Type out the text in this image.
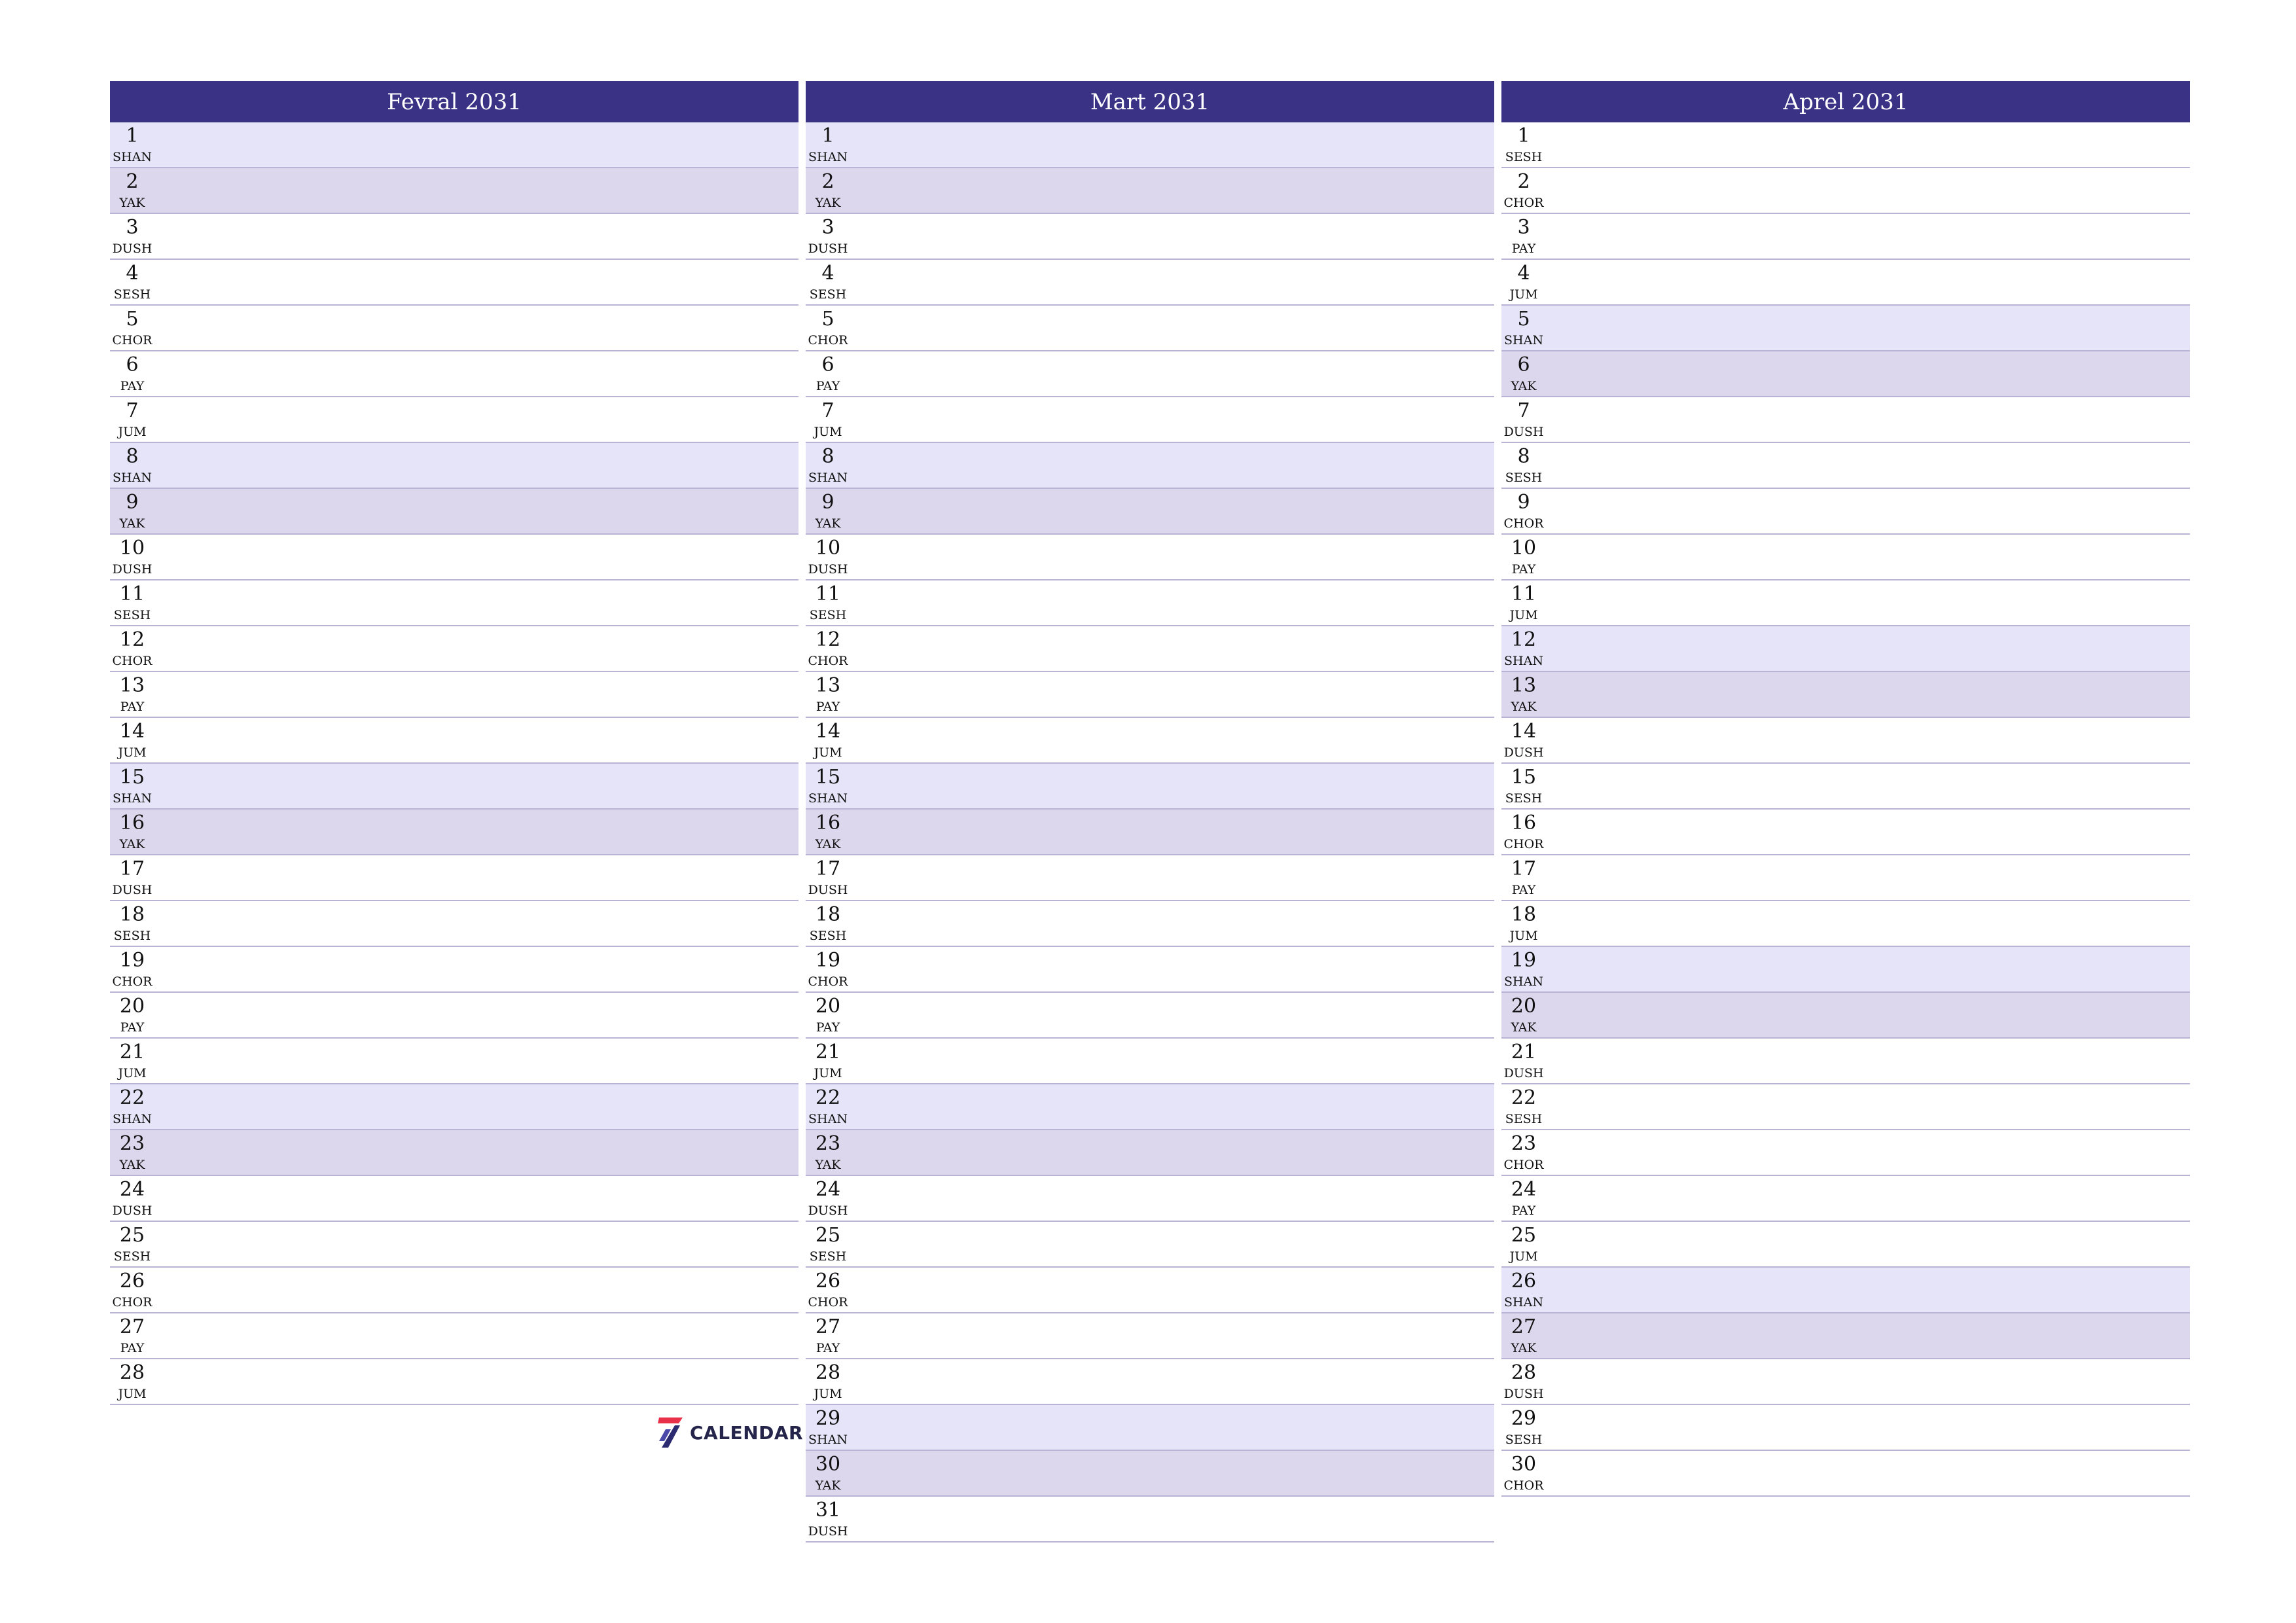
Fevral 2031
1
SHAN
2
YAK
3
DUSH
4
SESH
5
CHOR
6
PAY
7
JUM
8
SHAN
9
YAK
10
DUSH
11
SESH
12
CHOR
13
PAY
14
JUM
15
SHAN
16
YAK
17
DUSH
18
SESH
19
CHOR
20
PAY
21
JUM
22
SHAN
23
YAK
24
DUSH
25
SESH
26
CHOR
27
PAY
28
JUM
Mart 2031
1
SHAN
2
YAK
3
DUSH
4
SESH
5
CHOR
6
PAY
7
JUM
8
SHAN
9
YAK
10
DUSH
11
SESH
12
CHOR
13
PAY
14
JUM
15
SHAN
16
YAK
17
DUSH
18
SESH
19
CHOR
20
PAY
21
JUM
22
SHAN
23
YAK
24
DUSH
25
SESH
26
CHOR
27
PAY
28
JUM
29
SHAN
30
YAK
31
DUSH
Aprel 2031
1
SESH
2
CHOR
3
PAY
4
JUM
5
SHAN
6
YAK
7
DUSH
8
SESH
9
CHOR
10
PAY
11
JUM
12
SHAN
13
YAK
14
DUSH
15
SESH
16
CHOR
17
PAY
18
JUM
19
SHAN
20
YAK
21
DUSH
22
SESH
23
CHOR
24
PAY
25
JUM
26
SHAN
27
YAK
28
DUSH
29
SESH
30
CHOR
CALENDAR
